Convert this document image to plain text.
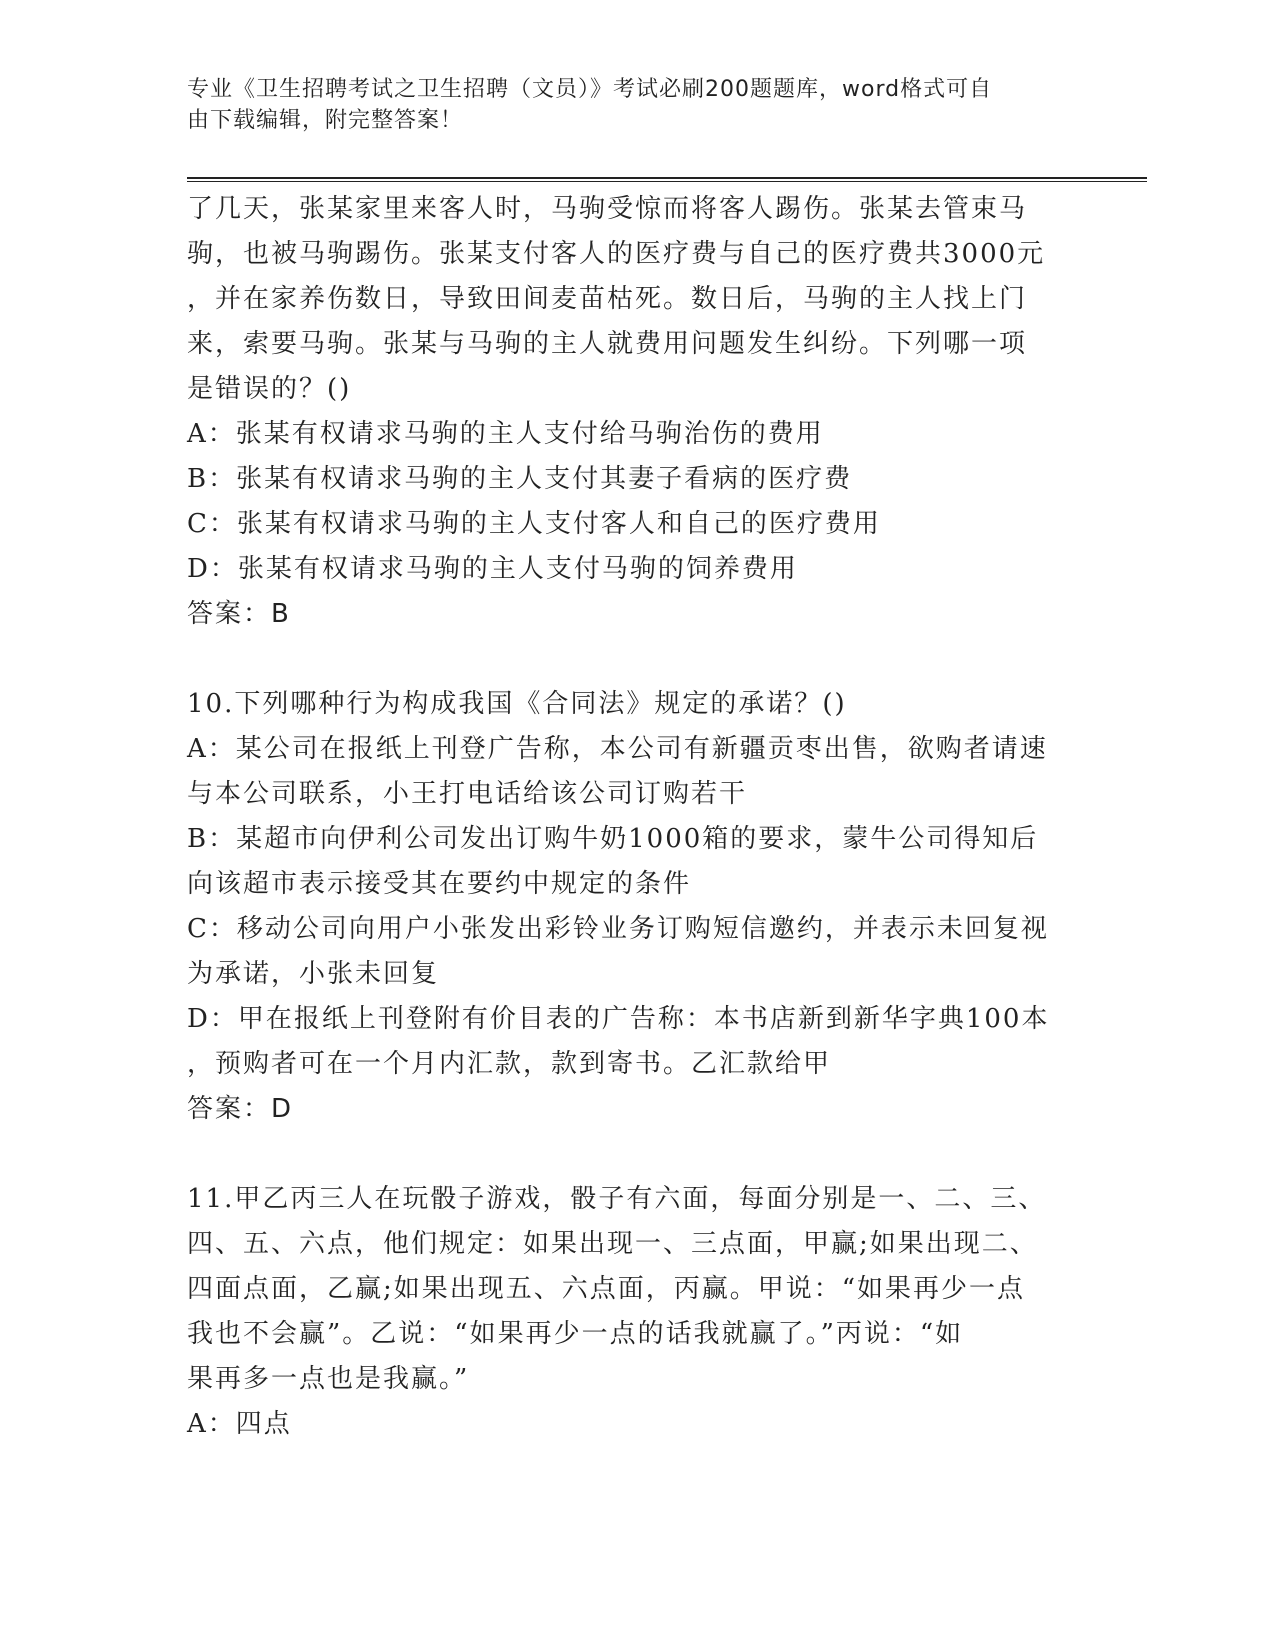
专业《卫生招聘考试之卫生招聘（文员）》考试必刷200题题库，word格式可自
由下载编辑，附完整答案！

了几天，张某家里来客人时，马驹受惊而将客人踢伤。张某去管束马

驹，也被马驹踢伤。张某支付客人的医疗费与自己的医疗费共3000元

，并在家养伤数日，导致田间麦苗枯死。数日后，马驹的主人找上门

来，索要马驹。张某与马驹的主人就费用问题发生纠纷。下列哪一项

是错误的？()

A：张某有权请求马驹的主人支付给马驹治伤的费用

B：张某有权请求马驹的主人支付其妻子看病的医疗费

C：张某有权请求马驹的主人支付客人和自己的医疗费用

D：张某有权请求马驹的主人支付马驹的饲养费用

答案：B

10.下列哪种行为构成我国《合同法》规定的承诺？()

A：某公司在报纸上刊登广告称，本公司有新疆贡枣出售，欲购者请速

与本公司联系，小王打电话给该公司订购若干

B：某超市向伊利公司发出订购牛奶1000箱的要求，蒙牛公司得知后

向该超市表示接受其在要约中规定的条件

C：移动公司向用户小张发出彩铃业务订购短信邀约，并表示未回复视

为承诺，小张未回复

D：甲在报纸上刊登附有价目表的广告称：本书店新到新华字典100本

，预购者可在一个月内汇款，款到寄书。乙汇款给甲

答案：D

11.甲乙丙三人在玩骰子游戏，骰子有六面，每面分别是一、二、三、

四、五、六点，他们规定：如果出现一、三点面，甲赢;如果出现二、

四面点面，乙赢;如果出现五、六点面，丙赢。甲说：“如果再少一点

我也不会赢”。乙说：“如果再少一点的话我就赢了。”丙说：“如

果再多一点也是我赢。”

A：四点
